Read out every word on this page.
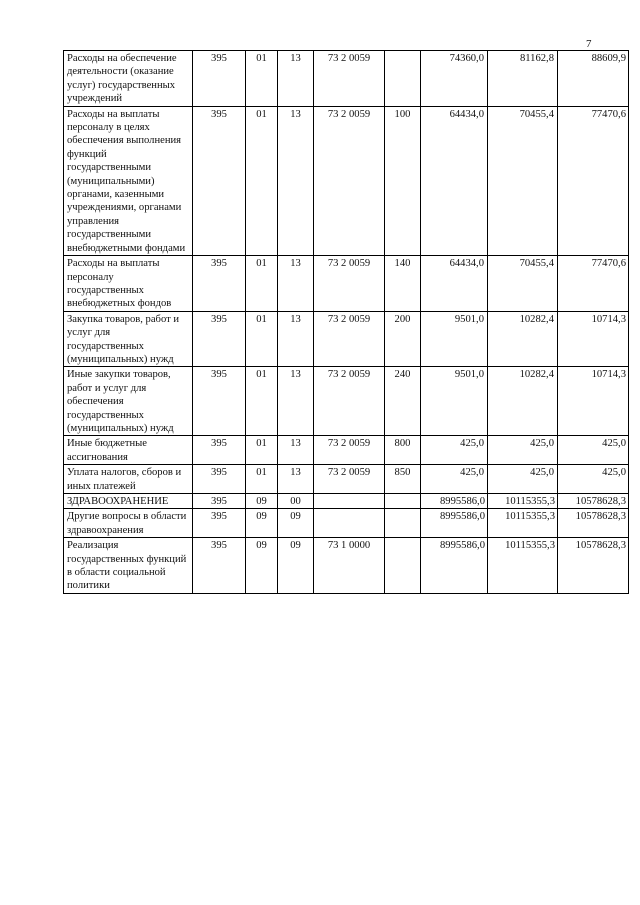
7
Расходы на обеспечение деятельности (оказание услуг) государственных учреждений	395	01	13	73 2 0059		74360,0	81162,8	88609,9
Расходы на выплаты персоналу в целях обеспечения выполнения функций государственными (муниципальными) органами, казенными учреждениями, органами управления государственными внебюджетными фондами	395	01	13	73 2 0059	100	64434,0	70455,4	77470,6
Расходы на выплаты персоналу государственных внебюджетных фондов	395	01	13	73 2 0059	140	64434,0	70455,4	77470,6
Закупка товаров, работ и услуг для государственных (муниципальных) нужд	395	01	13	73 2 0059	200	9501,0	10282,4	10714,3
Иные закупки товаров, работ и услуг для обеспечения государственных (муниципальных) нужд	395	01	13	73 2 0059	240	9501,0	10282,4	10714,3
Иные бюджетные ассигнования	395	01	13	73 2 0059	800	425,0	425,0	425,0
Уплата налогов, сборов и иных платежей	395	01	13	73 2 0059	850	425,0	425,0	425,0
ЗДРАВООХРАНЕНИЕ	395	09	00			8995586,0	10115355,3	10578628,3
Другие вопросы в области здравоохранения	395	09	09			8995586,0	10115355,3	10578628,3
Реализация государственных функций в области социальной политики	395	09	09	73 1 0000		8995586,0	10115355,3	10578628,3
